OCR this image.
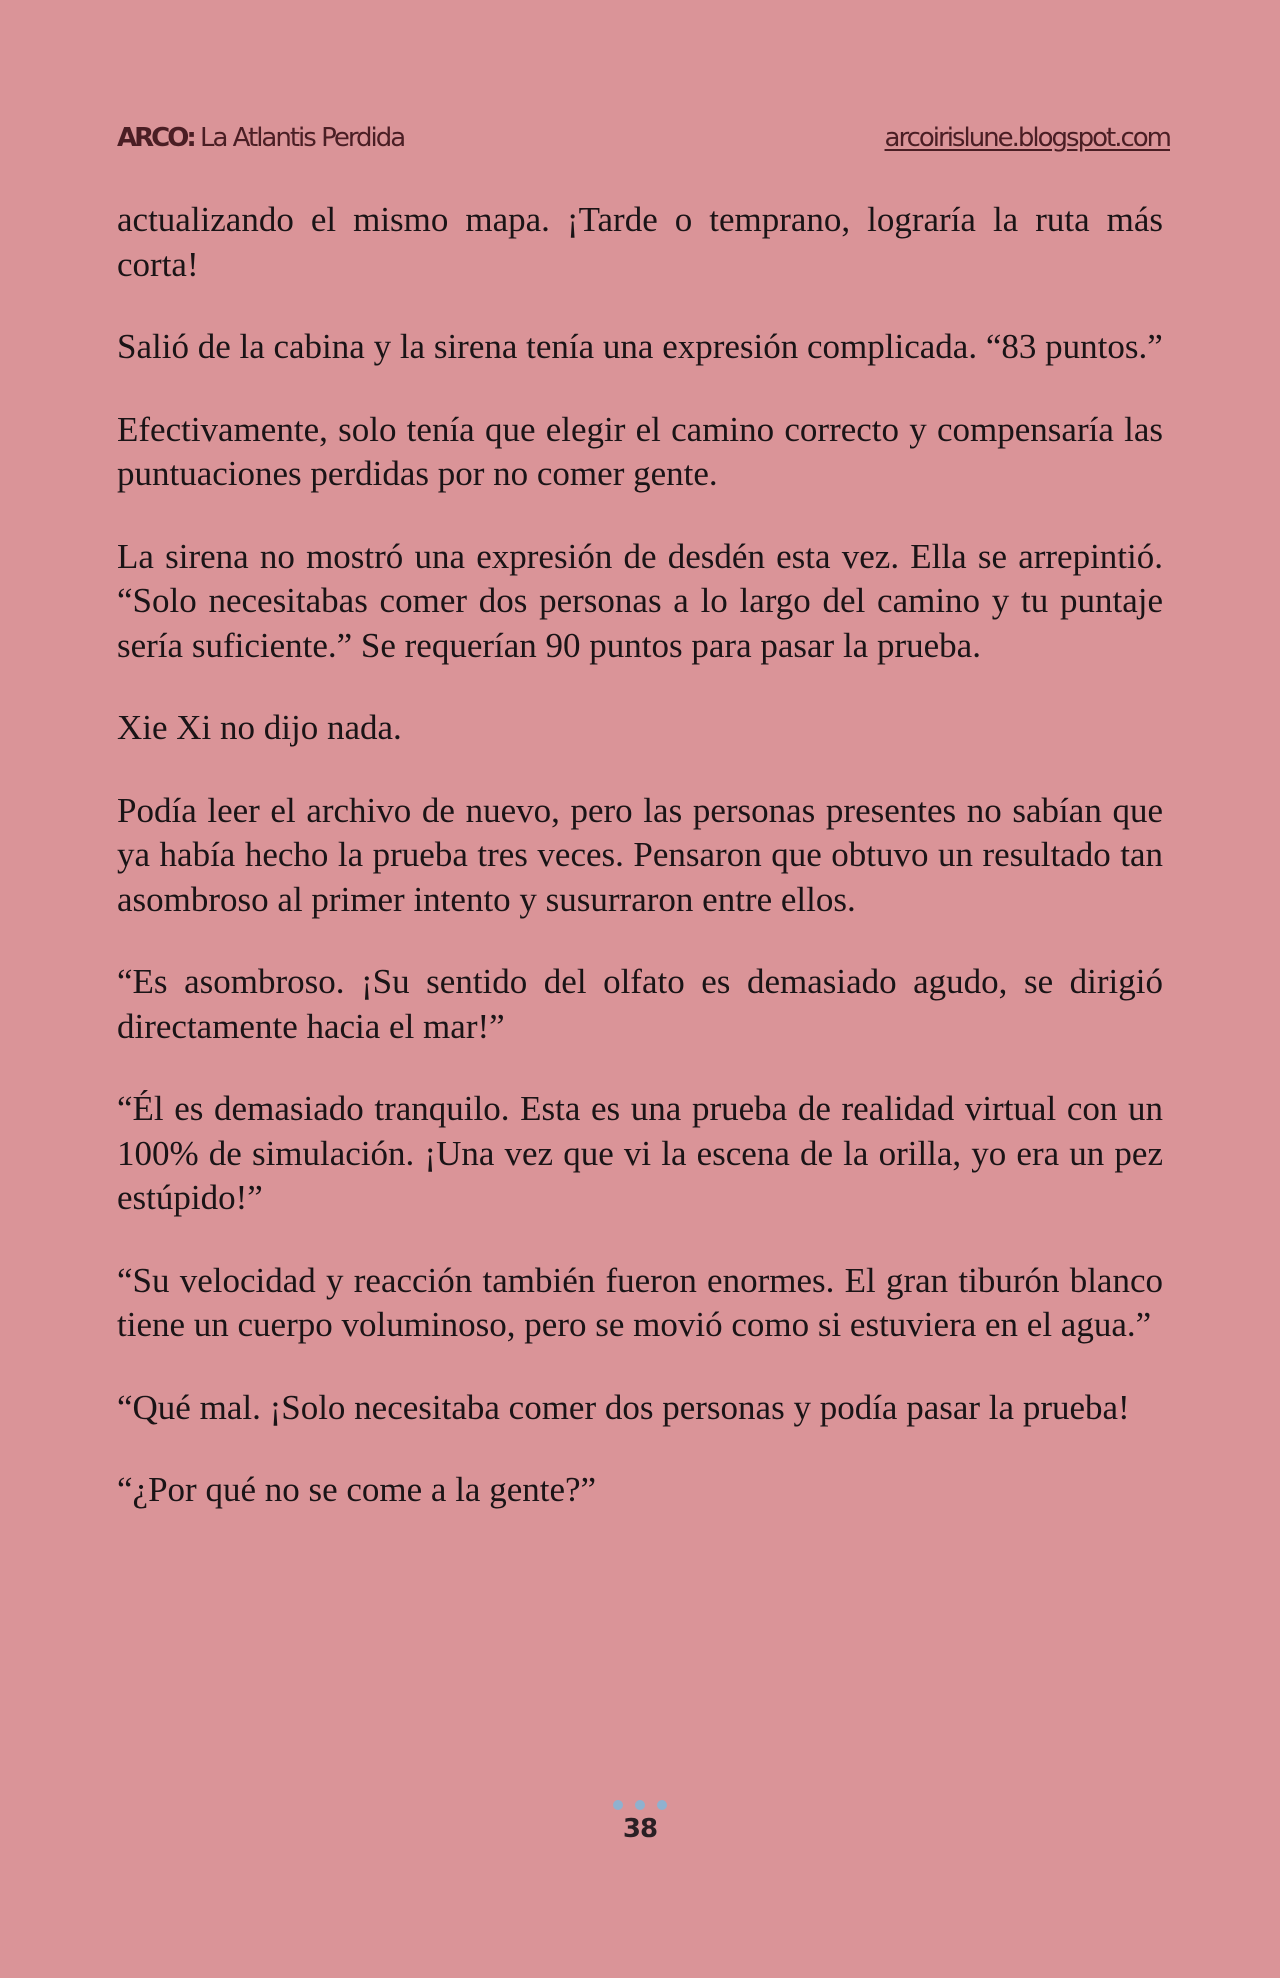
ARCO: La Atlantis Perdida	arcoirislune.blogspot.com

actualizando el mismo mapa. ¡Tarde o temprano, lograría la ruta más corta!

Salió de la cabina y la sirena tenía una expresión complicada. “83 puntos.”

Efectivamente, solo tenía que elegir el camino correcto y compensaría las puntuaciones perdidas por no comer gente.

La sirena no mostró una expresión de desdén esta vez. Ella se arrepintió. “Solo necesitabas comer dos personas a lo largo del camino y tu puntaje sería suficiente.” Se requerían 90 puntos para pasar la prueba.

Xie Xi no dijo nada.

Podía leer el archivo de nuevo, pero las personas presentes no sabían que ya había hecho la prueba tres veces. Pensaron que obtuvo un resultado tan asombroso al primer intento y susurraron entre ellos.

“Es asombroso. ¡Su sentido del olfato es demasiado agudo, se dirigió directamente hacia el mar!”

“Él es demasiado tranquilo. Esta es una prueba de realidad virtual con un 100% de simulación. ¡Una vez que vi la escena de la orilla, yo era un pez estúpido!”

“Su velocidad y reacción también fueron enormes. El gran tiburón blanco tiene un cuerpo voluminoso, pero se movió como si estuviera en el agua.”

“Qué mal. ¡Solo necesitaba comer dos personas y podía pasar la prueba!

“¿Por qué no se come a la gente?”

38
